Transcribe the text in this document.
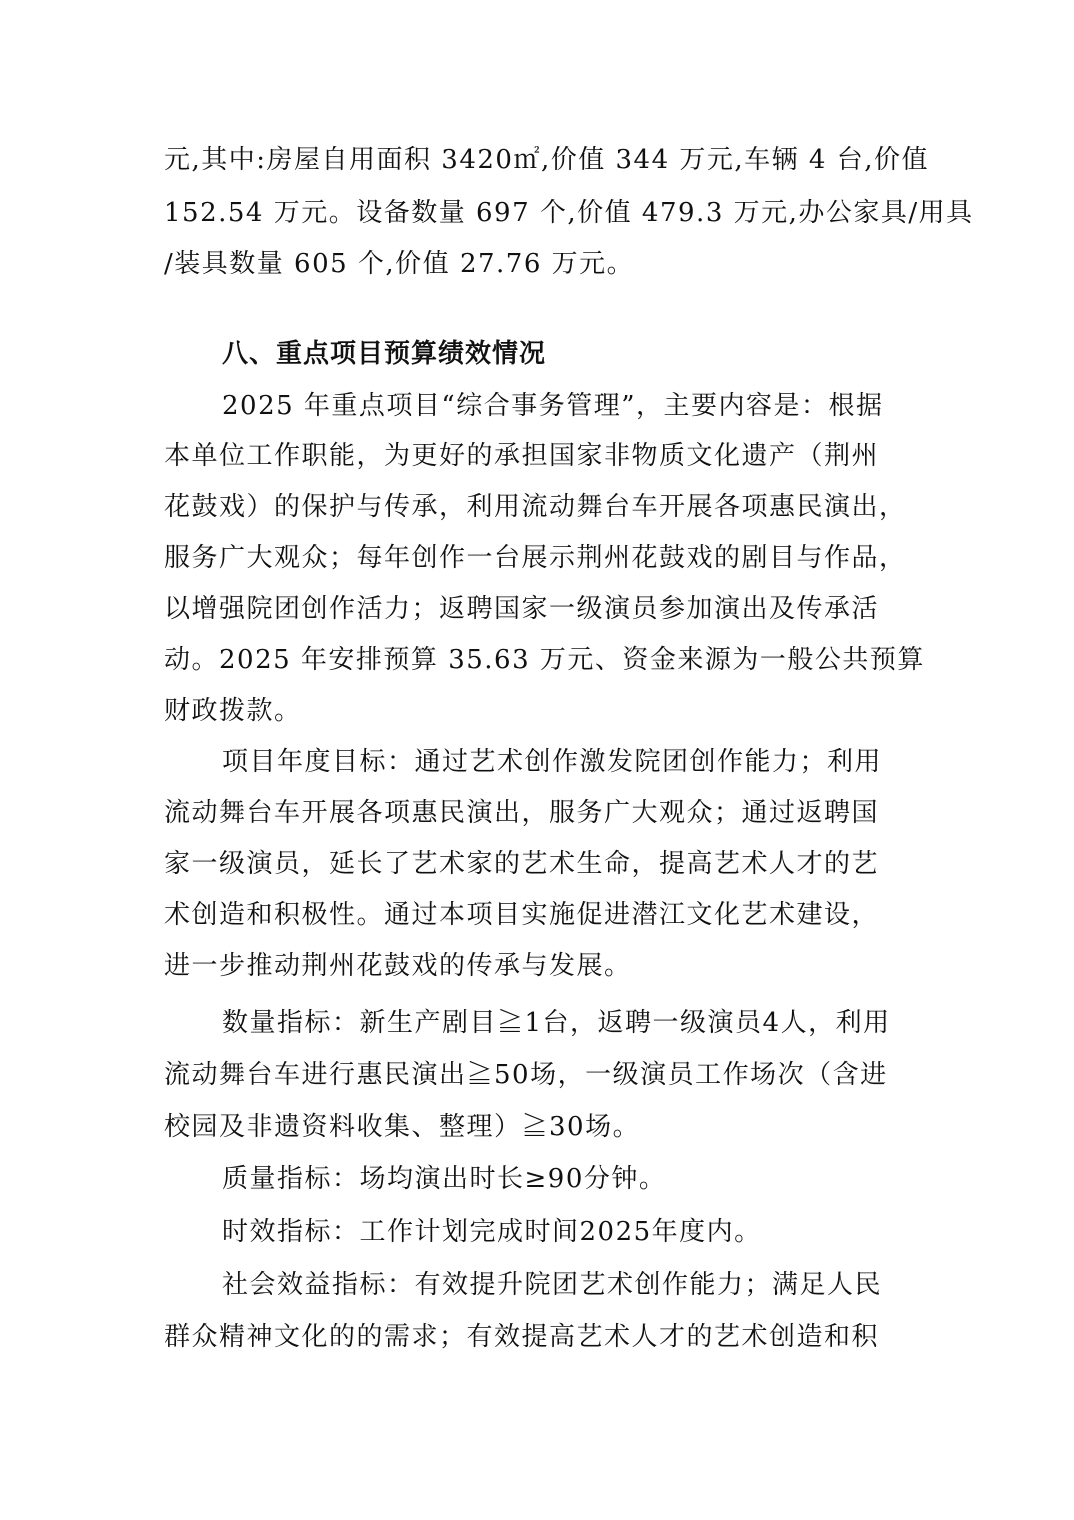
元,其中:房屋自用面积 3420㎡,价值 344 万元,车辆 4 台,价值
152.54 万元。设备数量 697 个,价值 479.3 万元,办公家具/用具
/装具数量 605 个,价值 27.76 万元。
八、重点项目预算绩效情况
2025 年重点项目“综合事务管理”，主要内容是：根据
本单位工作职能，为更好的承担国家非物质文化遗产（荆州
花鼓戏）的保护与传承，利用流动舞台车开展各项惠民演出，
服务广大观众；每年创作一台展示荆州花鼓戏的剧目与作品，
以增强院团创作活力；返聘国家一级演员参加演出及传承活
动。2025 年安排预算 35.63 万元、资金来源为一般公共预算
财政拨款。
项目年度目标：通过艺术创作激发院团创作能力；利用
流动舞台车开展各项惠民演出，服务广大观众；通过返聘国
家一级演员，延长了艺术家的艺术生命，提高艺术人才的艺
术创造和积极性。通过本项目实施促进潜江文化艺术建设，
进一步推动荆州花鼓戏的传承与发展。
数量指标：新生产剧目≧1台，返聘一级演员4人，利用
流动舞台车进行惠民演出≧50场，一级演员工作场次（含进
校园及非遗资料收集、整理）≧30场。
质量指标：场均演出时长≥90分钟。
时效指标：工作计划完成时间2025年度内。
社会效益指标：有效提升院团艺术创作能力；满足人民
群众精神文化的的需求；有效提高艺术人才的艺术创造和积
